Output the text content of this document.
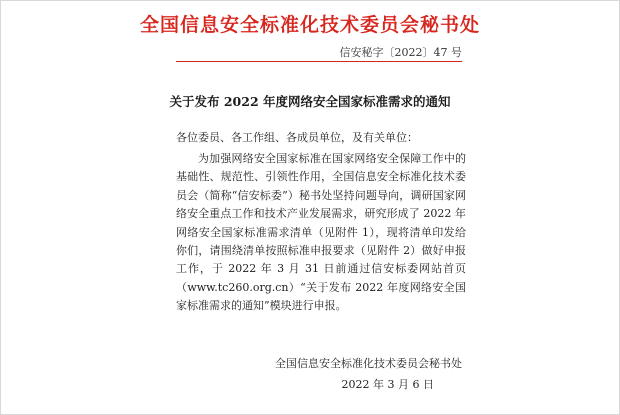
全国信息安全标准化技术委员会秘书处
信安秘字〔2022〕47 号
关于发布 2022 年度网络安全国家标准需求的通知
各位委员、各工作组、各成员单位，及有关单位：

为加强网络安全国家标准在国家网络安全保障工作中的基础性、规范性、引领性作用，全国信息安全标准化技术委员会（简称“信安标委”）秘书处坚持问题导向，调研国家网络安全重点工作和技术产业发展需求，研究形成了 2022 年网络安全国家标准需求清单（见附件 1），现将清单印发给你们，请围绕清单按照标准申报要求（见附件 2）做好申报工作，于 2022 年 3 月 31 日前通过信安标委网站首页（www.tc260.org.cn）“关于发布 2022 年度网络安全国家标准需求的通知”模块进行申报。

全国信息安全标准化技术委员会秘书处
2022 年 3 月 6 日
